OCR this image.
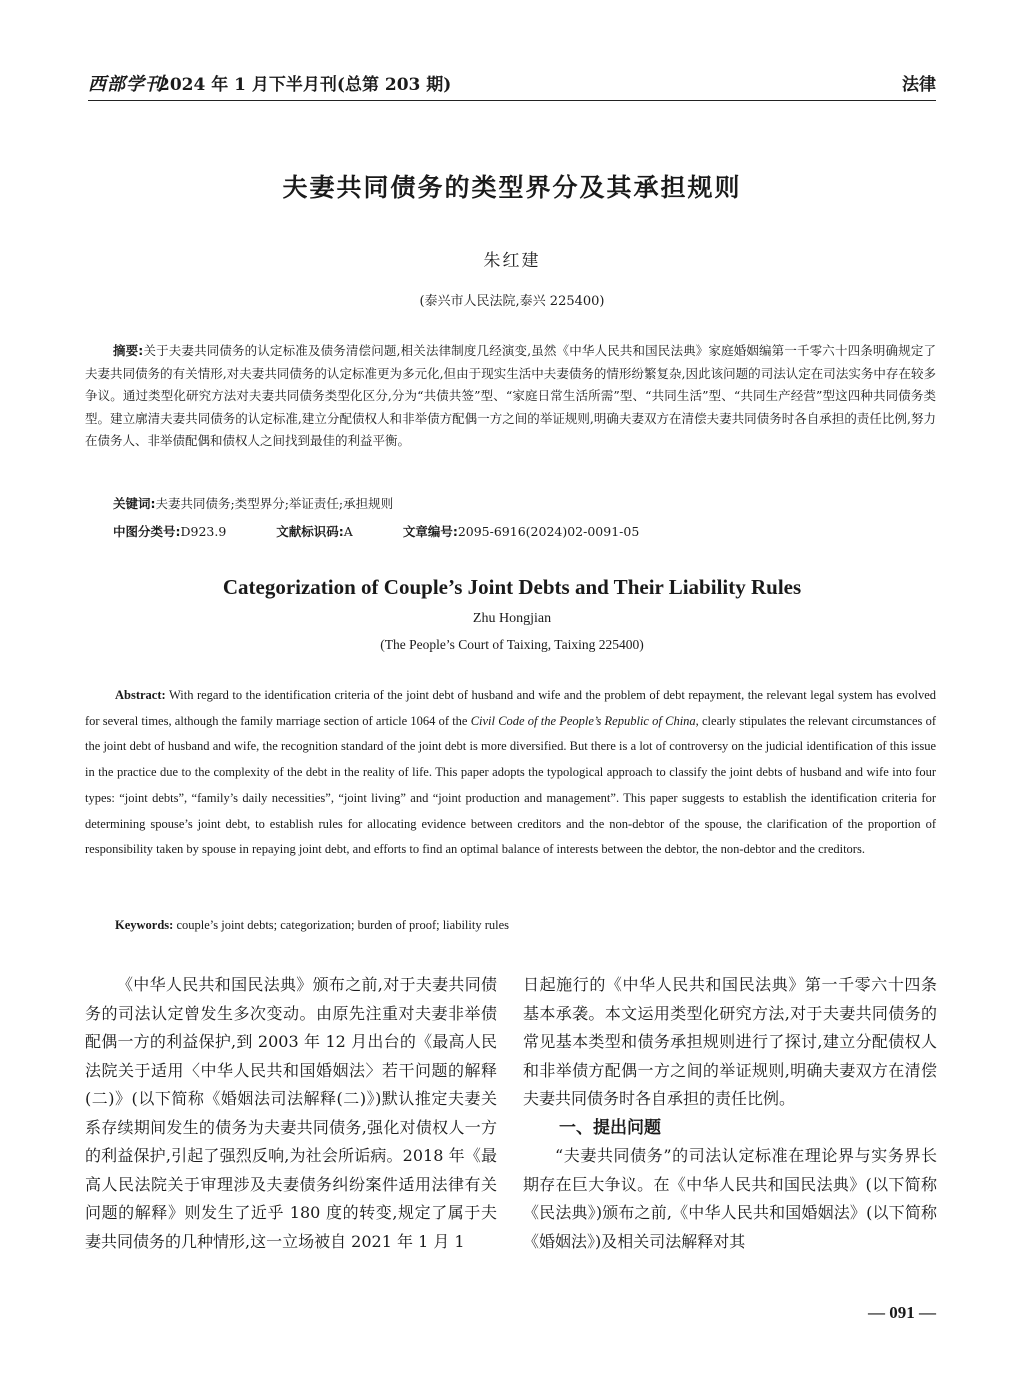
西部学刊
2024 年 1 月下半月刊(总第 203 期)	法律
夫妻共同债务的类型界分及其承担规则
朱红建
(泰兴市人民法院,泰兴 225400)
摘要:关于夫妻共同债务的认定标准及债务清偿问题,相关法律制度几经演变,虽然《中华人民共和国民法典》家庭婚姻编第一千零六十四条明确规定了夫妻共同债务的有关情形,对夫妻共同债务的认定标准更为多元化,但由于现实生活中夫妻债务的情形纷繁复杂,因此该问题的司法认定在司法实务中存在较多争议。通过类型化研究方法对夫妻共同债务类型化区分,分为“共债共签”型、“家庭日常生活所需”型、“共同生活”型、“共同生产经营”型这四种共同债务类型。建立廓清夫妻共同债务的认定标准,建立分配债权人和非举债方配偶一方之间的举证规则,明确夫妻双方在清偿夫妻共同债务时各自承担的责任比例,努力在债务人、非举债配偶和债权人之间找到最佳的利益平衡。
关键词:夫妻共同债务;类型界分;举证责任;承担规则
中图分类号:D923.9	文献标识码:A	文章编号:2095-6916(2024)02-0091-05
Categorization of Couple’s Joint Debts and Their Liability Rules
Zhu Hongjian
(The People’s Court of Taixing, Taixing 225400)
Abstract: With regard to the identification criteria of the joint debt of husband and wife and the problem of debt repayment, the relevant legal system has evolved for several times, although the family marriage section of article 1064 of the Civil Code of the People’s Republic of China, clearly stipulates the relevant circumstances of the joint debt of husband and wife, the recognition standard of the joint debt is more diversified. But there is a lot of controversy on the judicial identification of this issue in the practice due to the complexity of the debt in the reality of life. This paper adopts the typological approach to classify the joint debts of husband and wife into four types: “joint debts”, “family’s daily necessities”, “joint living” and “joint production and management”. This paper suggests to establish the identification criteria for determining spouse’s joint debt, to establish rules for allocating evidence between creditors and the non-debtor of the spouse, the clarification of the proportion of responsibility taken by spouse in repaying joint debt, and efforts to find an optimal balance of interests between the debtor, the non-debtor and the creditors.
Keywords: couple’s joint debts; categorization; burden of proof; liability rules

《中华人民共和国民法典》颁布之前,对于夫妻共同债务的司法认定曾发生多次变动。由原先注重对夫妻非举债配偶一方的利益保护,到 2003 年 12 月出台的《最高人民法院关于适用〈中华人民共和国婚姻法〉若干问题的解释(二)》(以下简称《婚姻法司法解释(二)》)默认推定夫妻关系存续期间发生的债务为夫妻共同债务,强化对债权人一方的利益保护,引起了强烈反响,为社会所诟病。2018 年《最高人民法院关于审理涉及夫妻债务纠纷案件适用法律有关问题的解释》则发生了近乎 180 度的转变,规定了属于夫妻共同债务的几种情形,这一立场被自 2021 年 1 月 1

日起施行的《中华人民共和国民法典》第一千零六十四条基本承袭。本文运用类型化研究方法,对于夫妻共同债务的常见基本类型和债务承担规则进行了探讨,建立分配债权人和非举债方配偶一方之间的举证规则,明确夫妻双方在清偿夫妻共同债务时各自承担的责任比例。

一、提出问题

“夫妻共同债务”的司法认定标准在理论界与实务界长期存在巨大争议。在《中华人民共和国民法典》(以下简称《民法典》)颁布之前,《中华人民共和国婚姻法》(以下简称《婚姻法》)及相关司法解释对其

— 091 —
